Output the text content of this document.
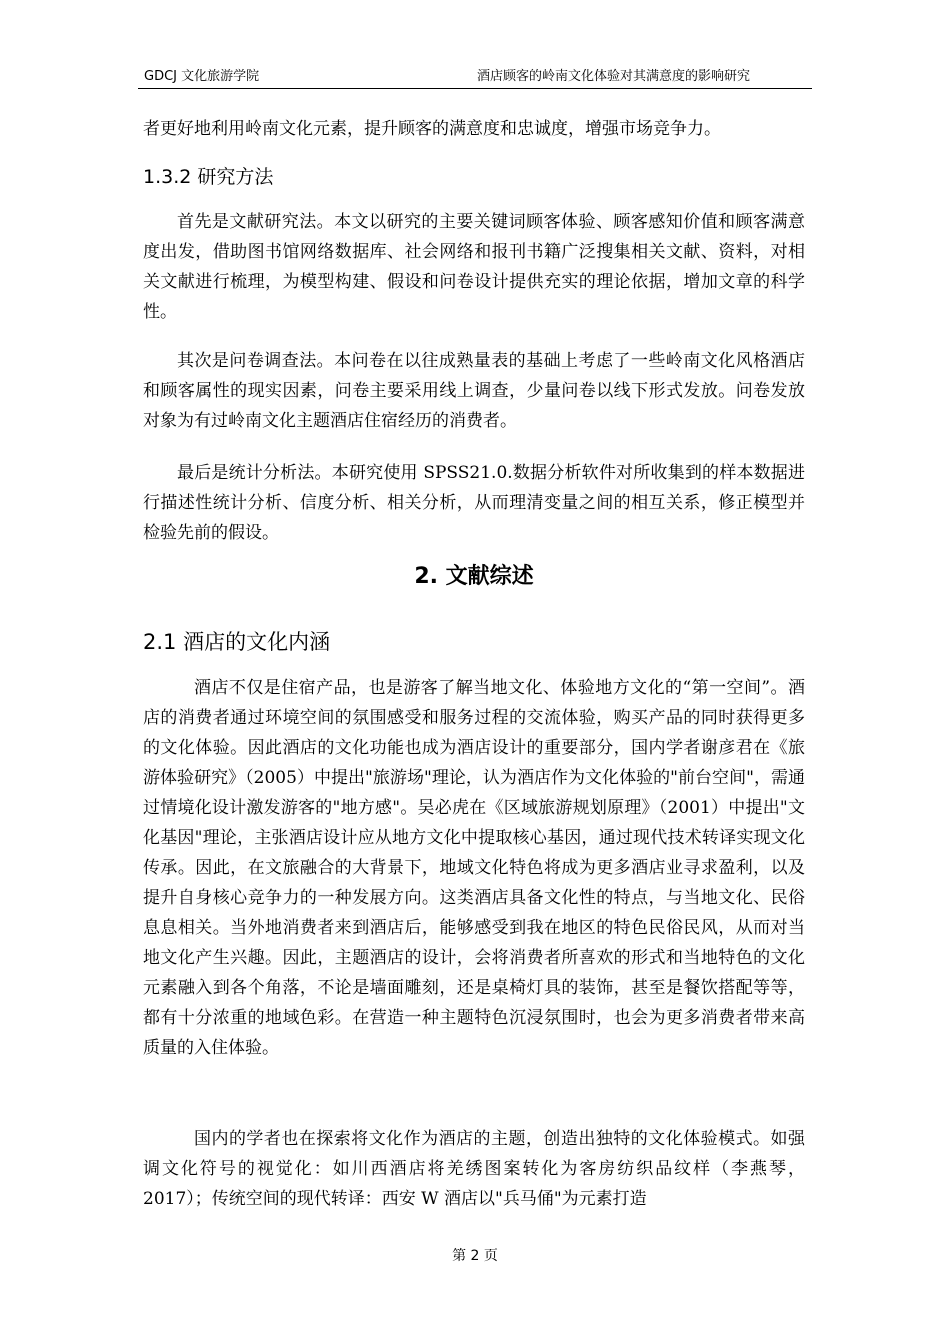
GDCJ 文化旅游学院	酒店顾客的岭南文化体验对其满意度的影响研究

者更好地利用岭南文化元素，提升顾客的满意度和忠诚度，增强市场竞争力。

1.3.2 研究方法

首先是文献研究法。本文以研究的主要关键词顾客体验、顾客感知价值和顾客满意度出发，借助图书馆网络数据库、社会网络和报刊书籍广泛搜集相关文献、资料，对相关文献进行梳理，为模型构建、假设和问卷设计提供充实的理论依据，增加文章的科学性。

其次是问卷调查法。本问卷在以往成熟量表的基础上考虑了一些岭南文化风格酒店和顾客属性的现实因素，问卷主要采用线上调查，少量问卷以线下形式发放。问卷发放对象为有过岭南文化主题酒店住宿经历的消费者。

最后是统计分析法。本研究使用 SPSS21.0.数据分析软件对所收集到的样本数据进行描述性统计分析、信度分析、相关分析，从而理清变量之间的相互关系，修正模型并检验先前的假设。

2. 文献综述
2.1 酒店的文化内涵

酒店不仅是住宿产品，也是游客了解当地文化、体验地方文化的“第一空间”。酒店的消费者通过环境空间的氛围感受和服务过程的交流体验，购买产品的同时获得更多的文化体验。因此酒店的文化功能也成为酒店设计的重要部分，国内学者谢彦君在《旅游体验研究》（2005）中提出"旅游场"理论，认为酒店作为文化体验的"前台空间"，需通过情境化设计激发游客的"地方感"。吴必虎在《区域旅游规划原理》（2001）中提出"文化基因"理论，主张酒店设计应从地方文化中提取核心基因，通过现代技术转译实现文化传承。因此，在文旅融合的大背景下，地域文化特色将成为更多酒店业寻求盈利，以及提升自身核心竞争力的一种发展方向。这类酒店具备文化性的特点，与当地文化、民俗息息相关。当外地消费者来到酒店后，能够感受到我在地区的特色民俗民风，从而对当地文化产生兴趣。因此，主题酒店的设计，会将消费者所喜欢的形式和当地特色的文化元素融入到各个角落，不论是墙面雕刻，还是桌椅灯具的装饰，甚至是餐饮搭配等等，都有十分浓重的地域色彩。在营造一种主题特色沉浸氛围时，也会为更多消费者带来高质量的入住体验。

国内的学者也在探索将文化作为酒店的主题，创造出独特的文化体验模式。如强调文化符号的视觉化：如川西酒店将羌绣图案转化为客房纺织品纹样（李燕琴，2017）；传统空间的现代转译：西安 W 酒店以"兵马俑"为元素打造

第 2 页
